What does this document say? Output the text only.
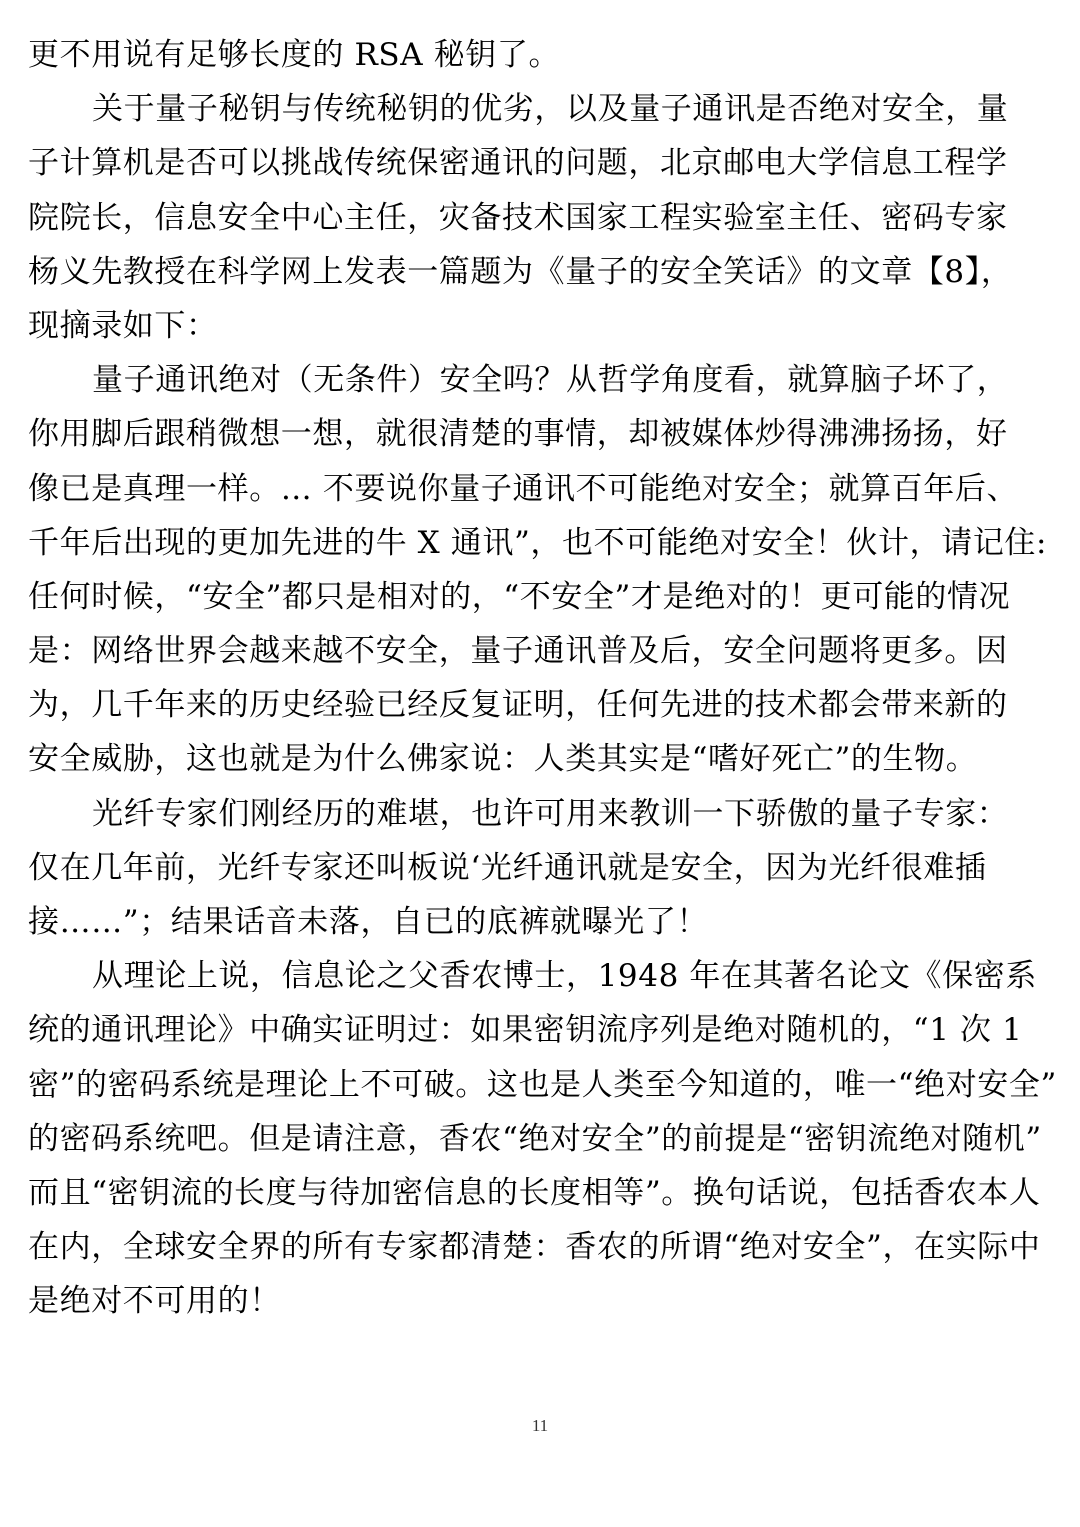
更不用说有足够长度的 RSA 秘钥了。
关于量子秘钥与传统秘钥的优劣，以及量子通讯是否绝对安全，量
子计算机是否可以挑战传统保密通讯的问题，北京邮电大学信息工程学
院院长，信息安全中心主任，灾备技术国家工程实验室主任、密码专家
杨义先教授在科学网上发表一篇题为《量子的安全笑话》的文章【8】，
现摘录如下：
量子通讯绝对（无条件）安全吗？从哲学角度看，就算脑子坏了，
你用脚后跟稍微想一想，就很清楚的事情，却被媒体炒得沸沸扬扬，好
像已是真理一样。… 不要说你量子通讯不可能绝对安全；就算百年后、
千年后出现的更加先进的牛 X 通讯”，也不可能绝对安全！伙计，请记住:
任何时候，“安全”都只是相对的，“不安全”才是绝对的！更可能的情况
是：网络世界会越来越不安全，量子通讯普及后，安全问题将更多。因
为，几千年来的历史经验已经反复证明，任何先进的技术都会带来新的
安全威胁，这也就是为什么佛家说：人类其实是“嗜好死亡”的生物。
光纤专家们刚经历的难堪，也许可用来教训一下骄傲的量子专家：
仅在几年前，光纤专家还叫板说‘光纤通讯就是安全，因为光纤很难插
接……”；结果话音未落，自已的底裤就曝光了！
从理论上说，信息论之父香农博士，1948 年在其著名论文《保密系
统的通讯理论》中确实证明过：如果密钥流序列是绝对随机的，“1 次 1
密”的密码系统是理论上不可破。这也是人类至今知道的，唯一“绝对安全”
的密码系统吧。但是请注意，香农“绝对安全”的前提是“密钥流绝对随机”
而且“密钥流的长度与待加密信息的长度相等”。换句话说，包括香农本人
在内，全球安全界的所有专家都清楚：香农的所谓“绝对安全”，在实际中
是绝对不可用的！
11
